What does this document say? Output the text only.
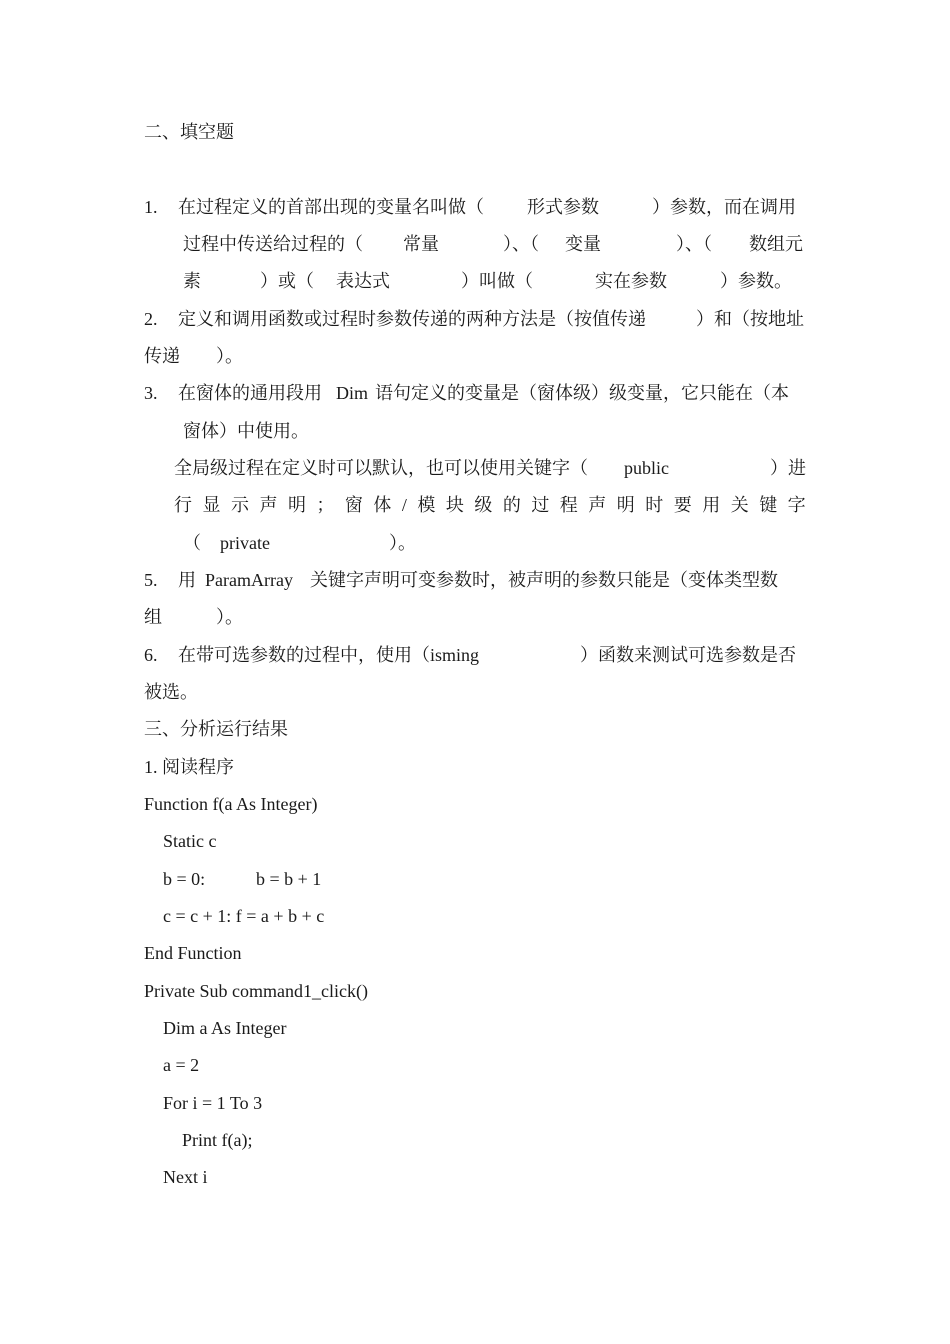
二、填空题
1. 在过程定义的首部出现的变量名叫做（ 形式参数	）参数，而在调用
过程中传送给过程的（ 常量	）、（ 变量	）、（ 数组元
素	）或（ 表达式	）叫做（	实在参数	）参数。
2. 定义和调用函数或过程时参数传递的两种方法是（按值传递	）和（按地址
传递　　）。
3. 在窗体的通用段用 Dim 语句定义的变量是（窗体级）级变量，它只能在（本
窗体）中使用。
全局级过程在定义时可以默认，也可以使用关键字（ public	）进
行 显 示 声 明 ； 窗 体 / 模 块 级 的 过 程 声 明 时 要 用 关 键 字
（ private	）。
5. 用 ParamArray 关键字声明可变参数时，被声明的参数只能是（变体类型数
组　　　）。
6. 在带可选参数的过程中，使用（isming	）函数来测试可选参数是否
被选。
三、分析运行结果
1. 阅读程序
Function f(a As Integer)
Static c
b = 0:	b = b + 1
c = c + 1: f = a + b + c
End Function
Private Sub command1_click()
Dim a As Integer
a = 2
For i = 1 To 3
Print f(a);
Next i
